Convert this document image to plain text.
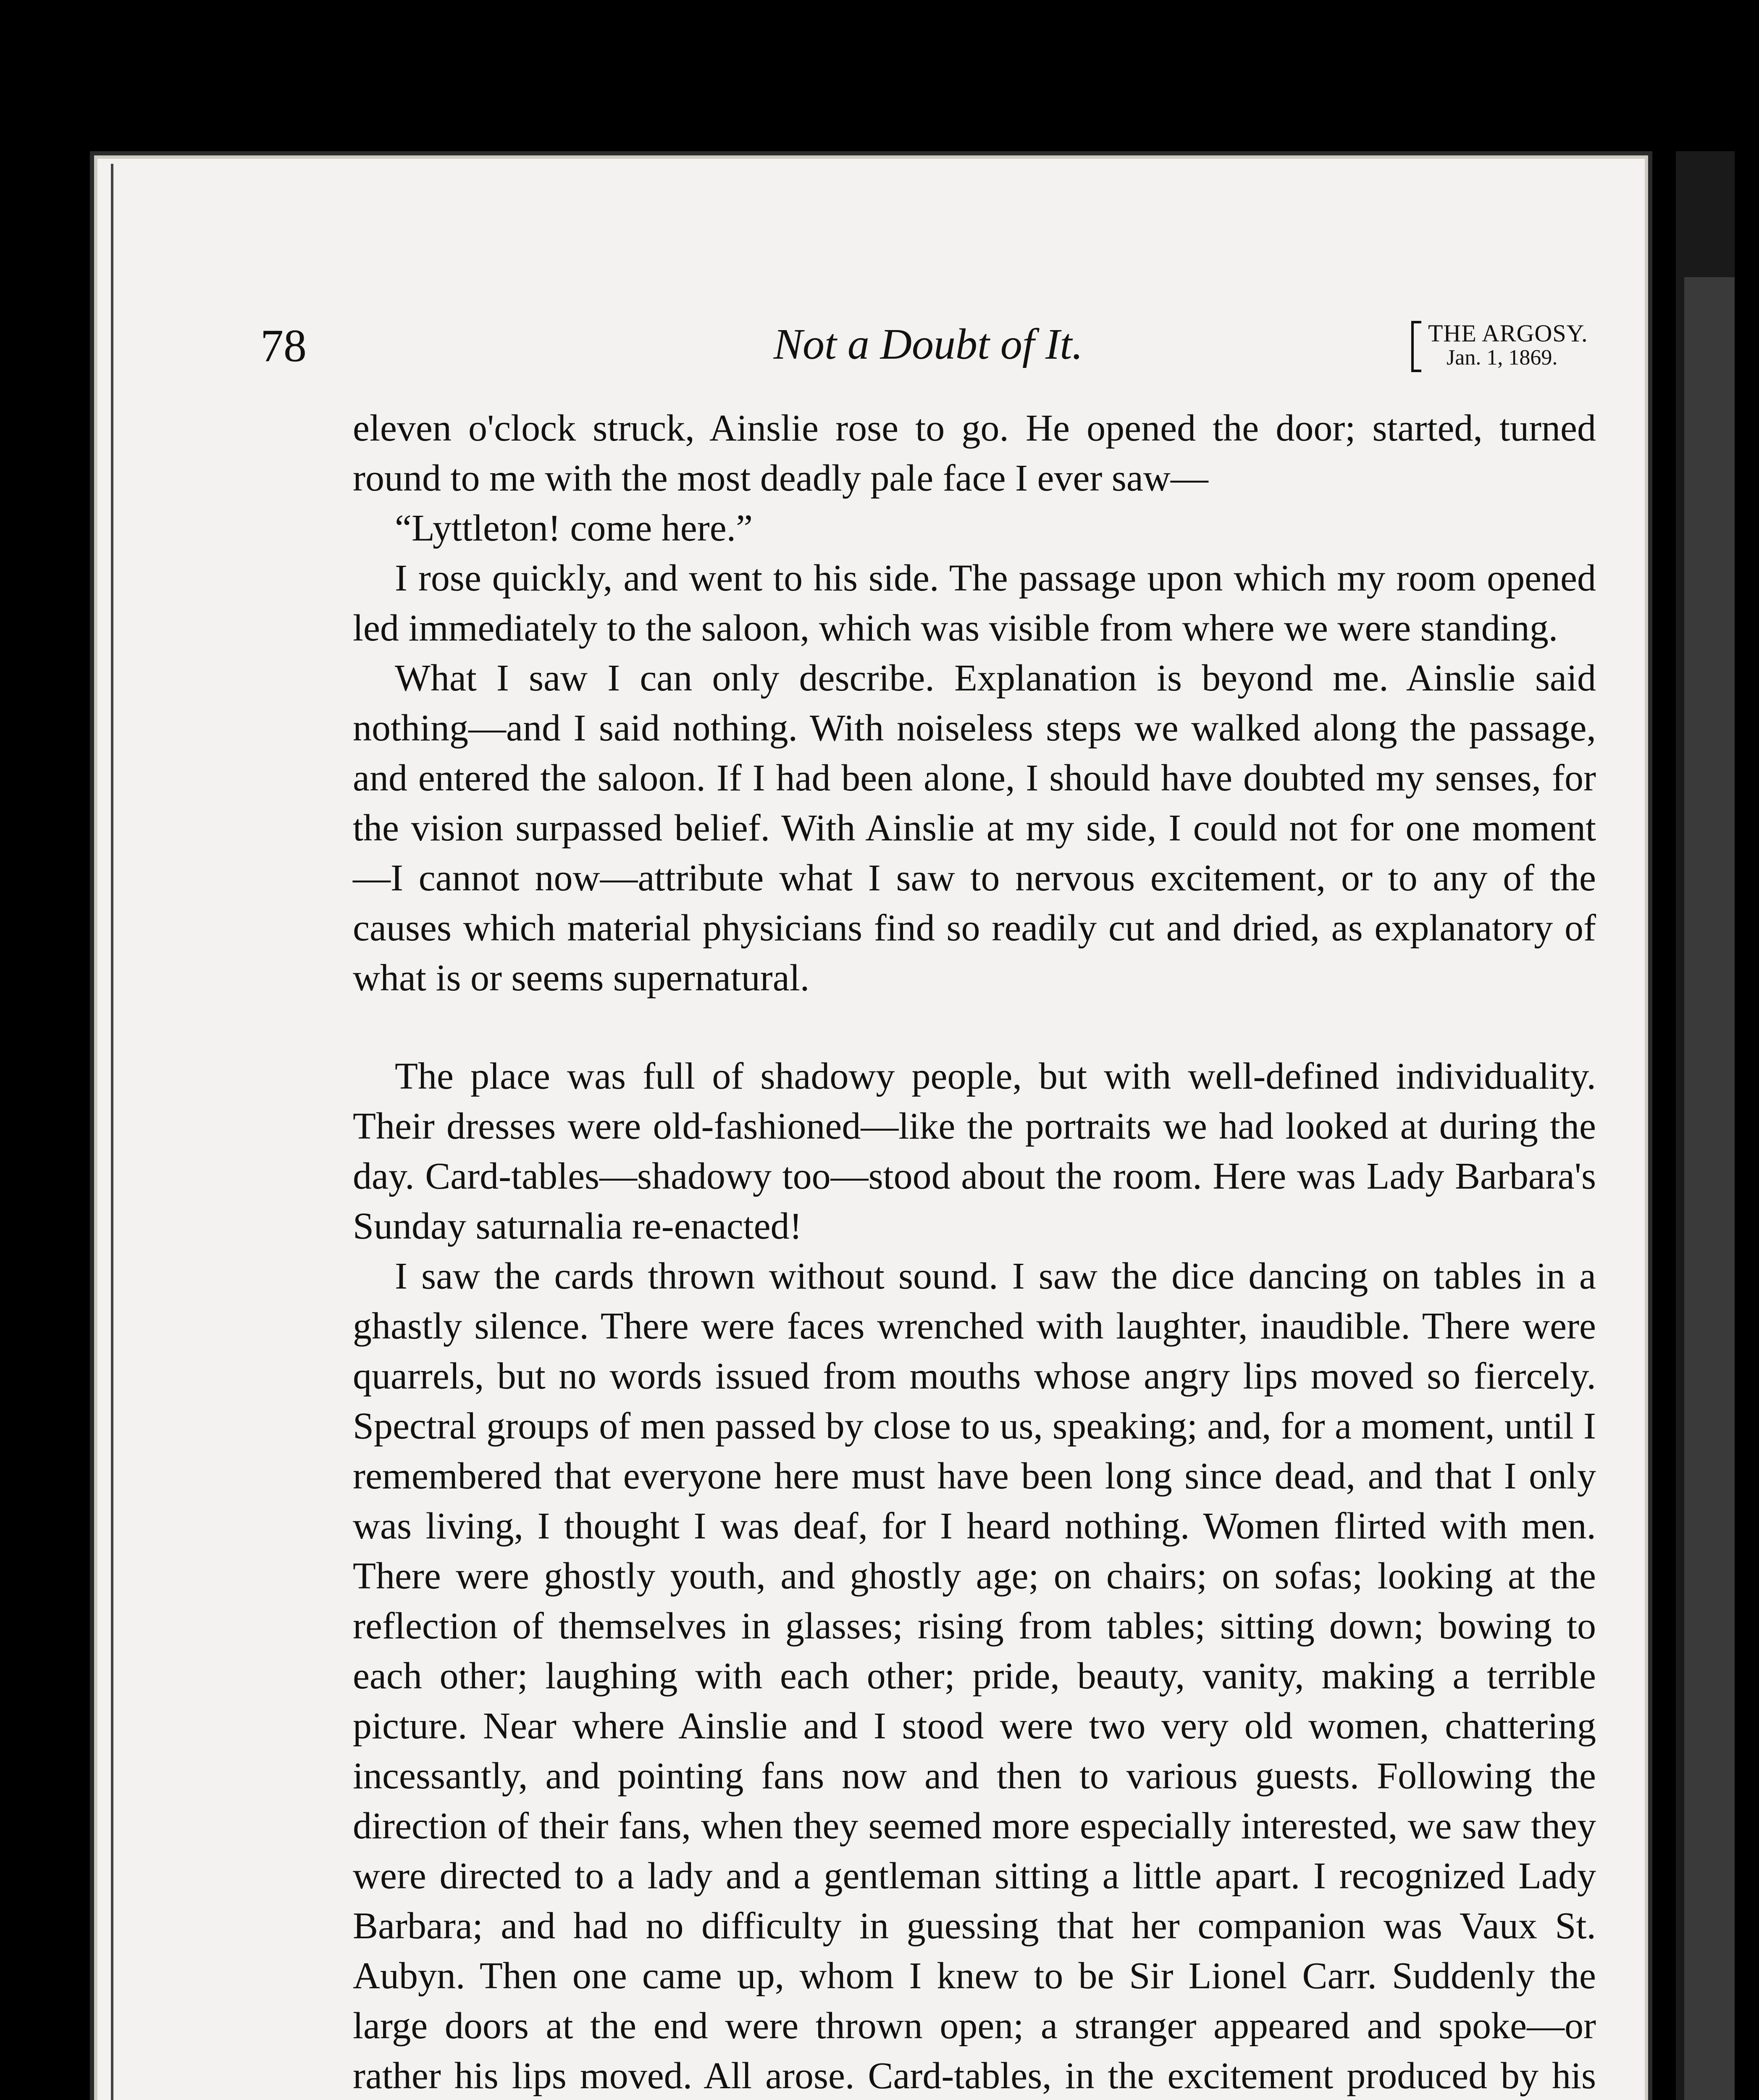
78	Not a Doubt of It.	THE ARGOSY.
Jan. 1, 1869.

eleven o'clock struck, Ainslie rose to go. He opened the door; started, turned round to me with the most deadly pale face I ever saw—

“Lyttleton! come here.”

I rose quickly, and went to his side. The passage upon which my room opened led immediately to the saloon, which was visible from where we were standing.

What I saw I can only describe. Explanation is beyond me. Ainslie said nothing—and I said nothing. With noiseless steps we walked along the passage, and entered the saloon. If I had been alone, I should have doubted my senses, for the vision surpassed belief. With Ainslie at my side, I could not for one moment—I cannot now—attribute what I saw to nervous excitement, or to any of the causes which material physicians find so readily cut and dried, as explanatory of what is or seems supernatural.

The place was full of shadowy people, but with well-defined individuality. Their dresses were old-fashioned—like the portraits we had looked at during the day. Card-tables—shadowy too—stood about the room. Here was Lady Barbara's Sunday saturnalia re-enacted!

I saw the cards thrown without sound. I saw the dice dancing on tables in a ghastly silence. There were faces wrenched with laughter, inaudible. There were quarrels, but no words issued from mouths whose angry lips moved so fiercely. Spectral groups of men passed by close to us, speaking; and, for a moment, until I remembered that everyone here must have been long since dead, and that I only was living, I thought I was deaf, for I heard nothing. Women flirted with men. There were ghostly youth, and ghostly age; on chairs; on sofas; looking at the reflection of themselves in glasses; rising from tables; sitting down; bowing to each other; laughing with each other; pride, beauty, vanity, making a terrible picture. Near where Ainslie and I stood were two very old women, chattering incessantly, and pointing fans now and then to various guests. Following the direction of their fans, when they seemed more especially interested, we saw they were directed to a lady and a gentleman sitting a little apart. I recognized Lady Barbara; and had no difficulty in guessing that her companion was Vaux St. Aubyn. Then one came up, whom I knew to be Sir Lionel Carr. Suddenly the large doors at the end were thrown open; a stranger appeared and spoke—or rather his lips moved. All arose. Card-tables, in the excitement produced by his
